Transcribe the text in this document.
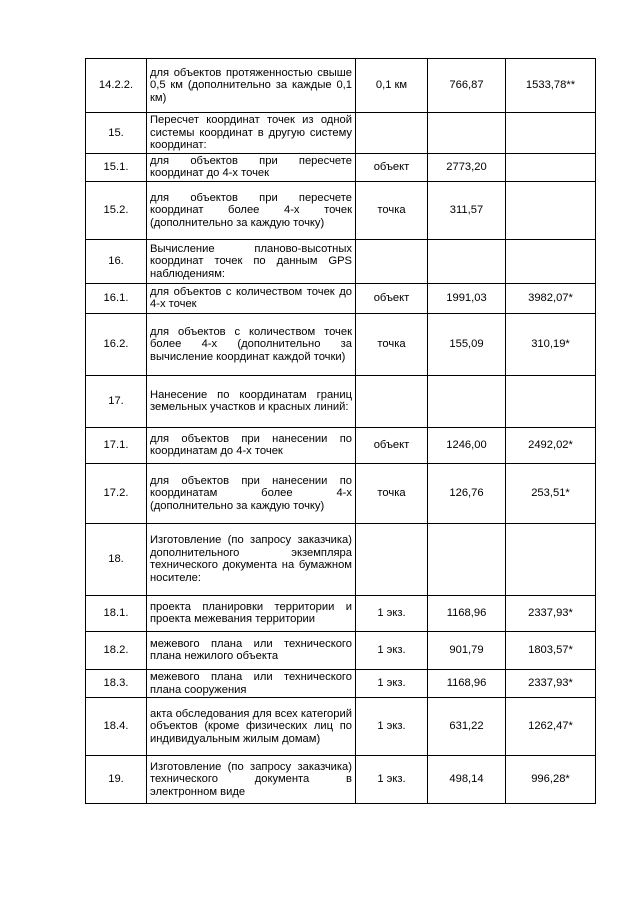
14.2.2.	для объектов протяженностью свыше 0,5 км (дополнительно за каждые 0,1 км)	0,1 км	766,87	1533,78**
15.	Пересчет координат точек из одной системы координат в другую систему координат:			
15.1.	для объектов при пересчете координат до 4-х точек	объект	2773,20	
15.2.	для объектов при пересчете координат более 4-х точек (дополнительно за каждую точку)	точка	311,57	
16.	Вычисление планово-высотных координат точек по данным GPS наблюдениям:			
16.1.	для объектов с количеством точек до 4-х точек	объект	1991,03	3982,07*
16.2.	для объектов с количеством точек более 4-х (дополнительно за вычисление координат каждой точки)	точка	155,09	310,19*
17.	Нанесение по координатам границ земельных участков и красных линий:			
17.1.	для объектов при нанесении по координатам до 4-х точек	объект	1246,00	2492,02*
17.2.	для объектов при нанесении по координатам более 4-х (дополнительно за каждую точку)	точка	126,76	253,51*
18.	Изготовление (по запросу заказчика) дополнительного экземпляра технического документа на бумажном носителе:			
18.1.	проекта планировки территории и проекта межевания территории	1 экз.	1168,96	2337,93*
18.2.	межевого плана или технического плана нежилого объекта	1 экз.	901,79	1803,57*
18.3.	межевого плана или технического плана сооружения	1 экз.	1168,96	2337,93*
18.4.	акта обследования для всех категорий объектов (кроме физических лиц по индивидуальным жилым домам)	1 экз.	631,22	1262,47*
19.	Изготовление (по запросу заказчика) технического документа в электронном виде	1 экз.	498,14	996,28*
